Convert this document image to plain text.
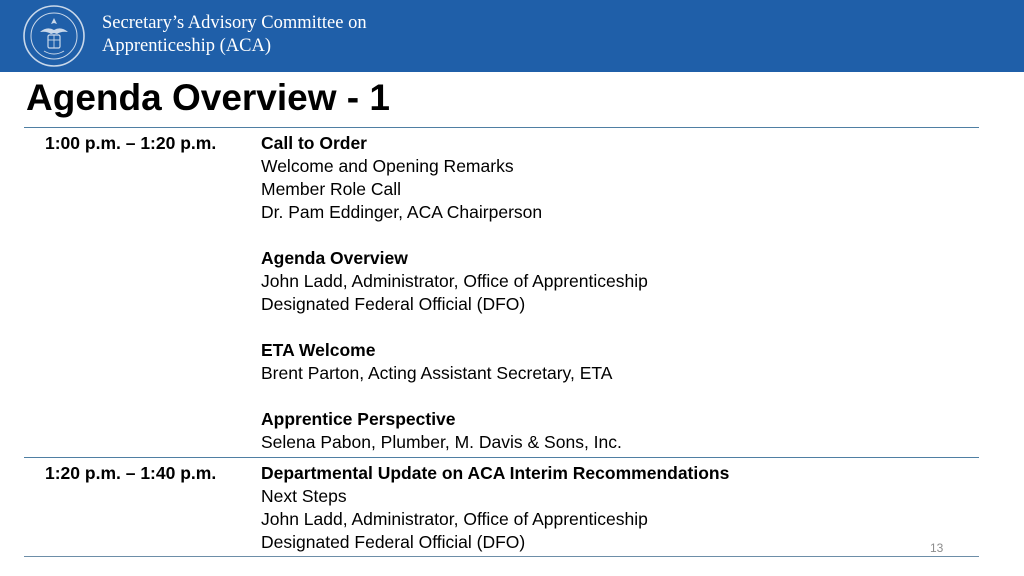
Secretary’s Advisory Committee on
Apprenticeship (ACA)
Agenda Overview - 1
1:00 p.m. – 1:20 p.m.	Call to Order
Welcome and Opening Remarks
Member Role Call
Dr. Pam Eddinger, ACA Chairperson
Agenda Overview
John Ladd, Administrator, Office of Apprenticeship
Designated Federal Official (DFO)
ETA Welcome
Brent Parton, Acting Assistant Secretary, ETA
Apprentice Perspective
Selena Pabon, Plumber, M. Davis & Sons, Inc.
1:20 p.m. – 1:40 p.m.	Departmental Update on ACA Interim Recommendations
Next Steps
John Ladd, Administrator, Office of Apprenticeship
Designated Federal Official (DFO)	13
